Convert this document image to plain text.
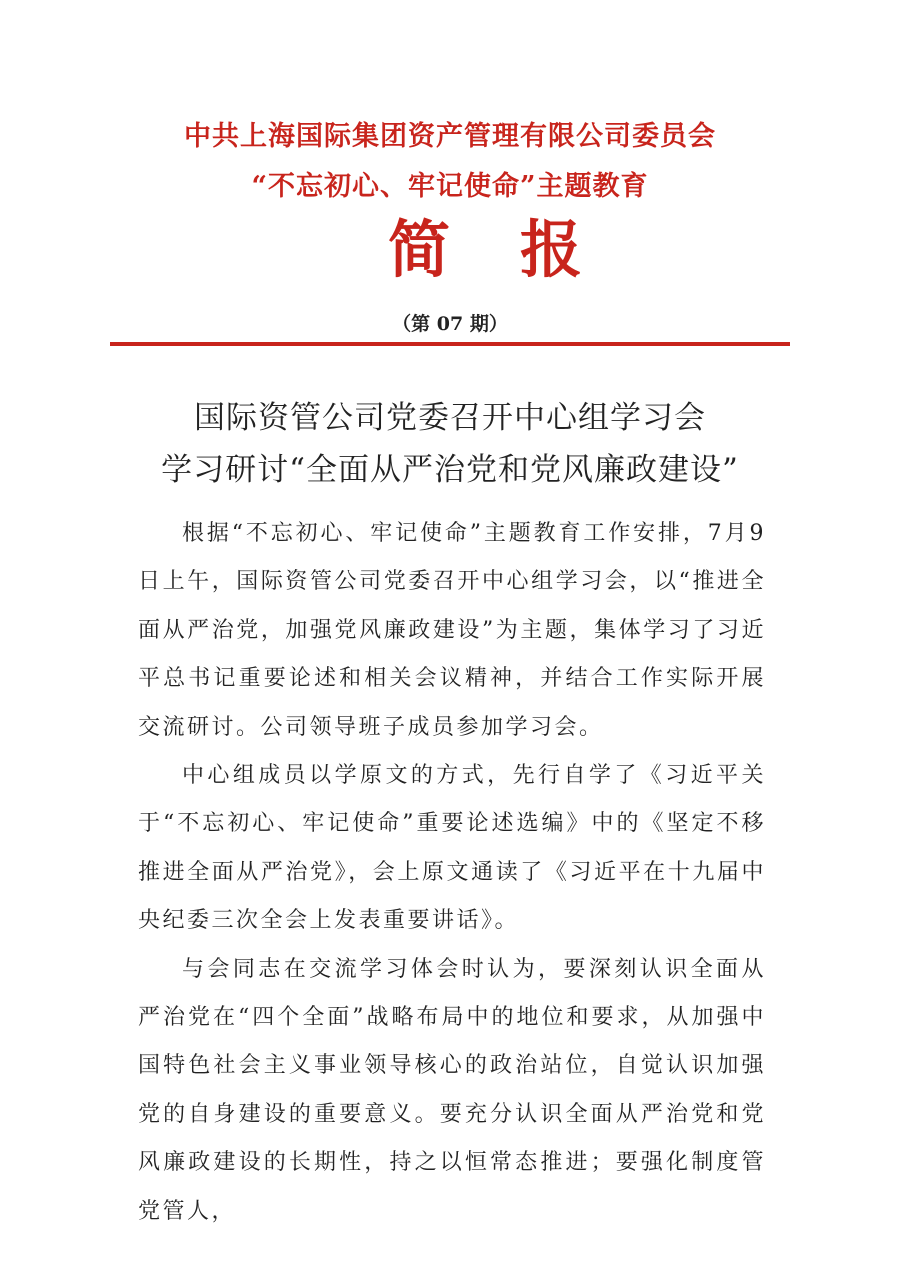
中共上海国际集团资产管理有限公司委员会
“不忘初心、牢记使命”主题教育
简报
（第 07 期）
国际资管公司党委召开中心组学习会
学习研讨“全面从严治党和党风廉政建设”

根据“不忘初心、牢记使命”主题教育工作安排，7月9日上午，国际资管公司党委召开中心组学习会，以“推进全面从严治党，加强党风廉政建设”为主题，集体学习了习近平总书记重要论述和相关会议精神，并结合工作实际开展交流研讨。公司领导班子成员参加学习会。

中心组成员以学原文的方式，先行自学了《习近平关于“不忘初心、牢记使命”重要论述选编》中的《坚定不移推进全面从严治党》，会上原文通读了《习近平在十九届中央纪委三次全会上发表重要讲话》。

与会同志在交流学习体会时认为，要深刻认识全面从严治党在“四个全面”战略布局中的地位和要求，从加强中国特色社会主义事业领导核心的政治站位，自觉认识加强党的自身建设的重要意义。要充分认识全面从严治党和党风廉政建设的长期性，持之以恒常态推进；要强化制度管党管人，
